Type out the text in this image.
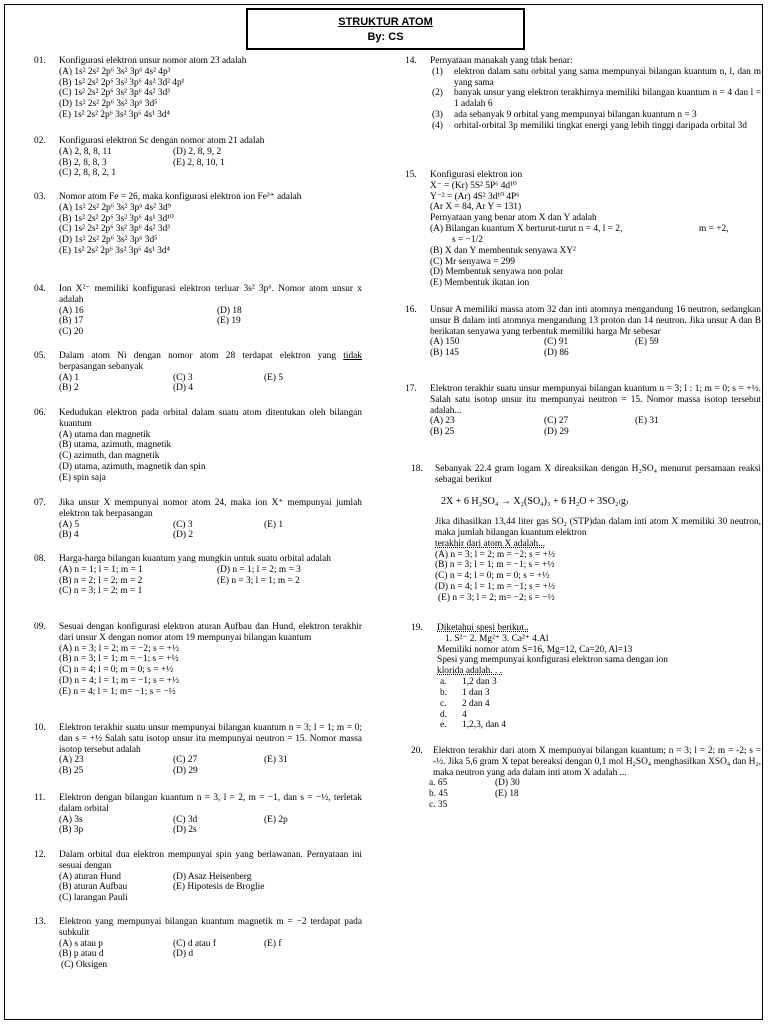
STRUKTUR ATOM
By: CS
01. Konfigurasi elektron unsur nomor atom 23 adalah
(A) 1s² 2s² 2p⁶ 3s² 3p⁶ 4s² 4p³
(B) 1s² 2s² 2p⁶ 3s² 3p⁶ 4s² 3d² 4p¹
(C) 1s² 2s² 2p⁶ 3s² 3p⁶ 4s² 3d³
(D) 1s² 2s² 2p⁶ 3s² 3p⁶ 3d⁵
(E) 1s² 2s² 2p⁶ 3s² 3p⁶ 4s¹ 3d⁴
02. Konfigurasi elektron Sc dengan nomor atom 21 adalah
(A) 2, 8, 8, 11	(D) 2, 8, 9, 2
(B) 2, 8, 8, 3	(E) 2, 8, 10, 1
(C) 2, 8, 8, 2, 1
03. Nomor atom Fe = 26, maka konfigurasi elektron ion Fe³⁺ adalah
(A) 1s² 2s² 2p⁶ 3s² 3p⁶ 4s² 3d⁹
(B) 1s² 2s² 2p⁶ 3s² 3p⁶ 4s¹ 3d¹⁰
(C) 1s² 2s² 2p⁶ 3s² 3p⁶ 4s² 3d³
(D) 1s² 2s² 2p⁶ 3s² 3p⁶ 3d⁵
(E) 1s² 2s² 2p⁶ 3s² 3p⁶ 4s¹ 3d⁴
04. Ion X²⁻ memiliki konfigurasi elektron terluar 3s² 3p⁶. Nomor atom unsur x adalah
(A) 16	(D) 18
(B) 17	(E) 19
(C) 20
05. Dalam atom Ni dengan nomor atom 28 terdapat elektron yang tidak berpasangan sebanyak
(A) 1	(C) 3	(E) 5
(B) 2	(D) 4
06. Kedudukan elektron pada orbital dalam suatu atom ditentukan oleh bilangan kuantum
(A) utama dan magnetik
(B) utama, azimuth, magnetik
(C) azimuth, dan magnetik
(D) utama, azimuth, magnetik dan spin
(E) spin saja
07. Jika unsur X mempunyai nomor atom 24, maka ion X⁺ mempunyai jumlah elektron tak berpasangan
(A) 5	(C) 3	(E) 1
(B) 4	(D) 2
08. Harga-harga bilangan kuantum yang mungkin untuk suatu orbital adalah
(A) n = 1; l = 1; m = 1	(D) n = 1; l = 2; m = 3
(B) n = 2; l = 2; m = 2	(E) n = 3; l = 1; m = 2
(C) n = 3; l = 2; m = 1
09. Sesuai dengan konfigurasi elektron aturan Aufbau dan Hund, elektron terakhir dari unsur X dengan nomor atom 19 mempunyai bilangan kuantum
(A) n = 3; l = 2; m = −2; s = +½
(B) n = 3; l = 1; m = −1; s = +½
(C) n = 4; l = 0; m = 0; s = +½
(D) n = 4; l = 1; m = −1; s = +½
(E) n = 4; l = 1; m= −1; s = −½
10. Elektron terakhir suatu unsur mempunyai bilangan kuantum n = 3; l = 1; m = 0; dan s = +½ Salah satu isotop unsur itu mempunyai neutron = 15. Nomor massa isotop tersebut adalah
(A) 23	(C) 27	(E) 31
(B) 25	(D) 29
11. Elektron dengan bilangan kuantum n = 3, l = 2, m = −1, dan s = −½, terletak dalam orbital
(A) 3s	(C) 3d	(E) 2p
(B) 3p	(D) 2s
12. Dalam orbital dua elektron mempunyai spin yang berlawanan. Pernyataan ini sesuai dengan
(A) aturan Hund	(D) Asaz Heisenberg
(B) aturan Aufbau	(E) Hipotesis de Broglie
(C) larangan Pauli
13. Elektron yang mempunyai bilangan kuantum magnetik m = −2 terdapat pada subkulit
(A) s atau p	(C) d atau f	(E) f
(B) p atau d	(D) d
(C) Oksigen
14. Pernyataan manakah yang tdak benar:
(1)	elektron dalam satu orbital yang sama mempunyai bilangan kuantum n, l, dan m yang sama
(2)	banyak unsur yang elektron terakhirnya memiliki bilangan kuantum n = 4 dan l = 1 adalah 6
(3)	ada sebanyak 9 orbital yang mempunyai bilangan kuantum n = 3
(4)	orbital-orbital 3p memiliki tingkat energi yang lebih tinggi daripada orbital 3d
15. Konfigurasi elektron ion
X⁻ = (Kr) 5S² 5P⁶ 4d¹⁰
Y⁻² = (Ar) 4S² 3d¹⁰ 4P⁶
(Ar X = 84, Ar Y = 131)
Pernyataan yang benar atom X dan Y adalah
(A) Bilangan kuantum X berturut-turut n = 4, l = 2,	m = +2,
s = −1/2
(B) X dan Y membentuk senyawa XY²
(C) Mr senyawa = 299
(D) Membentuk senyawa non polar
(E) Membentuk ikatan ion
16. Unsur A memiliki massa atom 32 dan inti atomnya mengandung 16 neutron, sedangkan unsur B dalam inti atomnya mengandung 13 proton dan 14 neutron. Jika unsur A dan B berikatan senyawa yang terbentuk memiliki harga Mr sebesar
(A) 150	(C) 91	(E) 59
(B) 145	(D) 86
17. Elektron terakhir suatu unsur mempunyai bilangan kuantum n = 3; l : 1; m = 0; s = +½. Salah satu isotop unsur itu mempunyai neutron = 15. Nomor massa isotop tersebut adalah...
(A) 23	(C) 27	(E) 31
(B) 25	(D) 29
18. Sebanyak 22.4 gram logam X direaksikan dengan H₂SO₄ menurut persamaan reaksi sebagai berikut
2X + 6 H₂SO₄ → X₂(SO₄)₃ + 6 H₂O + 3SO₂₍g₎
Jika dihasilkan 13,44 liter gas SO₂ (STP)dan dalam inti atom X memiliki 30 neutron, maka jumlah bilangan kuantum elektron
terakhir dari atom X adalah...
(A) n = 3; l = 2; m = −2; s = +½
(B) n = 3; l = 1; m = −1; s = +½
(C) n = 4; l = 0; m = 0; s = +½
(D) n = 4; l = 1; m = −1; s = +½
(E) n = 3; l = 2; m= −2; s = −½
19. Diketahui spesi berikut..
1. S²⁻ 2. Mg²⁺ 3. Ca²⁺ 4.Al
Memiliki nomor atom S=16, Mg=12, Ca=20, Al=13
Spesi yang mempunyai konfigurasi elektron sama dengan ion
klorida adalah. . .
a.	1,2 dan 3
b.	1 dan 3
c.	2 dan 4
d.	4
e.	1,2,3, dan 4
20. Elektron terakhir dari atom X mempunyai bilangan kuantum; n = 3; l = 2; m = -2; s = -½. Jika 5,6 gram X tepat bereaksi dengan 0,1 mol H₂SO₄ menghasilkan XSO₄ dan H₂, maka neutron yang ada dalam inti atom X adalah ...
a. 65	(D) 30
b. 45	(E) 18
c. 35
